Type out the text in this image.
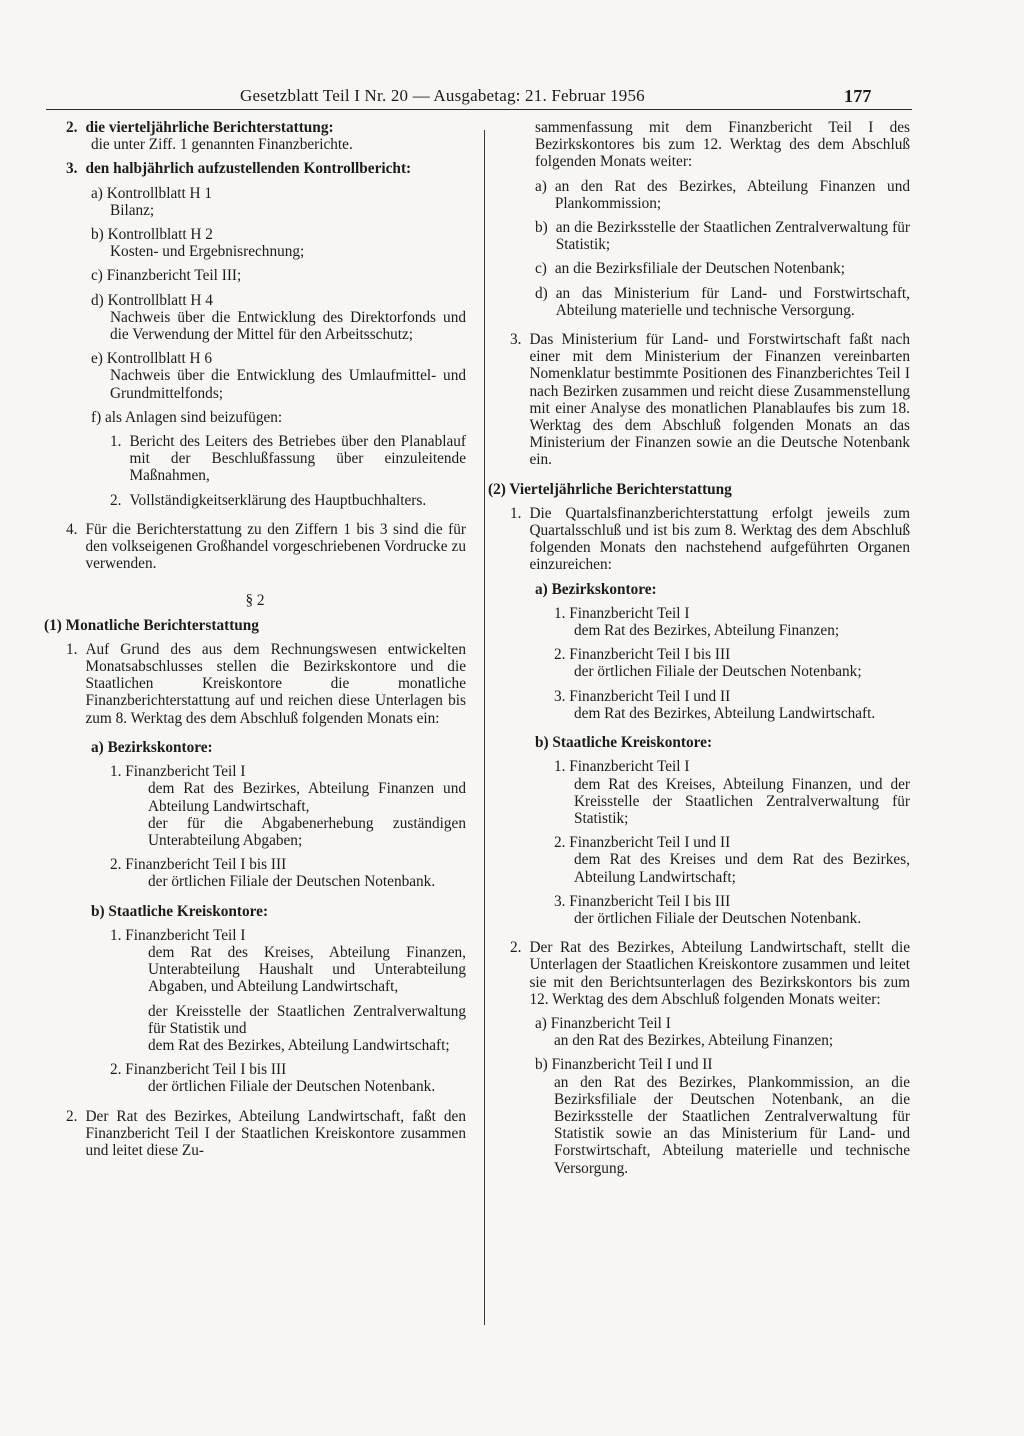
Gesetzblatt Teil I Nr. 20 — Ausgabetag: 21. Februar 1956	177
2. die vierteljährliche Berichterstattung:

die unter Ziff. 1 genannten Finanzberichte.

3. den halbjährlich aufzustellenden Kontrollbericht:

a) Kontrollblatt H 1

Bilanz;

b) Kontrollblatt H 2

Kosten- und Ergebnisrechnung;

c) Finanzbericht Teil III;

d) Kontrollblatt H 4

Nachweis über die Entwicklung des Direktorfonds und die Verwendung der Mittel für den Arbeitsschutz;

e) Kontrollblatt H 6

Nachweis über die Entwicklung des Umlaufmittel- und Grundmittelfonds;

f) als Anlagen sind beizufügen:

1. Bericht des Leiters des Betriebes über den Planablauf mit der Beschlußfassung über einzuleitende Maßnahmen,
2. Vollständigkeitserklärung des Hauptbuchhalters.
4. Für die Berichterstattung zu den Ziffern 1 bis 3 sind die für den volkseigenen Großhandel vorgeschriebenen Vordrucke zu verwenden.

§ 2

(1) Monatliche Berichterstattung

1. Auf Grund des aus dem Rechnungswesen entwickelten Monatsabschlusses stellen die Bezirkskontore und die Staatlichen Kreiskontore die monatliche Finanzberichterstattung auf und reichen diese Unterlagen bis zum 8. Werktag des dem Abschluß folgenden Monats ein:

a) Bezirkskontore:

1. Finanzbericht Teil I

dem Rat des Bezirkes, Abteilung Finanzen und Abteilung Landwirtschaft,

der für die Abgabenerhebung zuständigen Unterabteilung Abgaben;

2. Finanzbericht Teil I bis III

der örtlichen Filiale der Deutschen Notenbank.

b) Staatliche Kreiskontore:

1. Finanzbericht Teil I

dem Rat des Kreises, Abteilung Finanzen, Unterabteilung Haushalt und Unterabteilung Abgaben, und Abteilung Landwirtschaft,

der Kreisstelle der Staatlichen Zentralverwaltung für Statistik und

dem Rat des Bezirkes, Abteilung Landwirtschaft;

2. Finanzbericht Teil I bis III

der örtlichen Filiale der Deutschen Notenbank.

2. Der Rat des Bezirkes, Abteilung Landwirtschaft, faßt den Finanzbericht Teil I der Staatlichen Kreiskontore zusammen und leitet diese Zu-

sammenfassung mit dem Finanzbericht Teil I des Bezirkskontores bis zum 12. Werktag des dem Abschluß folgenden Monats weiter:

a) an den Rat des Bezirkes, Abteilung Finanzen und Plankommission;
b) an die Bezirksstelle der Staatlichen Zentralverwaltung für Statistik;
c) an die Bezirksfiliale der Deutschen Notenbank;
d) an das Ministerium für Land- und Forstwirtschaft, Abteilung materielle und technische Versorgung.
3. Das Ministerium für Land- und Forstwirtschaft faßt nach einer mit dem Ministerium der Finanzen vereinbarten Nomenklatur bestimmte Positionen des Finanzberichtes Teil I nach Bezirken zusammen und reicht diese Zusammenstellung mit einer Analyse des monatlichen Planablaufes bis zum 18. Werktag des dem Abschluß folgenden Monats an das Ministerium der Finanzen sowie an die Deutsche Notenbank ein.

(2) Vierteljährliche Berichterstattung

1. Die Quartalsfinanzberichterstattung erfolgt jeweils zum Quartalsschluß und ist bis zum 8. Werktag des dem Abschluß folgenden Monats den nachstehend aufgeführten Organen einzureichen:

a) Bezirkskontore:

1. Finanzbericht Teil I

dem Rat des Bezirkes, Abteilung Finanzen;

2. Finanzbericht Teil I bis III

der örtlichen Filiale der Deutschen Notenbank;

3. Finanzbericht Teil I und II

dem Rat des Bezirkes, Abteilung Landwirtschaft.

b) Staatliche Kreiskontore:

1. Finanzbericht Teil I

dem Rat des Kreises, Abteilung Finanzen, und der Kreisstelle der Staatlichen Zentralverwaltung für Statistik;

2. Finanzbericht Teil I und II

dem Rat des Kreises und dem Rat des Bezirkes, Abteilung Landwirtschaft;

3. Finanzbericht Teil I bis III

der örtlichen Filiale der Deutschen Notenbank.

2. Der Rat des Bezirkes, Abteilung Landwirtschaft, stellt die Unterlagen der Staatlichen Kreiskontore zusammen und leitet sie mit den Berichtsunterlagen des Bezirkskontors bis zum 12. Werktag des dem Abschluß folgenden Monats weiter:

a) Finanzbericht Teil I

an den Rat des Bezirkes, Abteilung Finanzen;

b) Finanzbericht Teil I und II

an den Rat des Bezirkes, Plankommission, an die Bezirksfiliale der Deutschen Notenbank, an die Bezirksstelle der Staatlichen Zentralverwaltung für Statistik sowie an das Ministerium für Land- und Forstwirtschaft, Abteilung materielle und technische Versorgung.
